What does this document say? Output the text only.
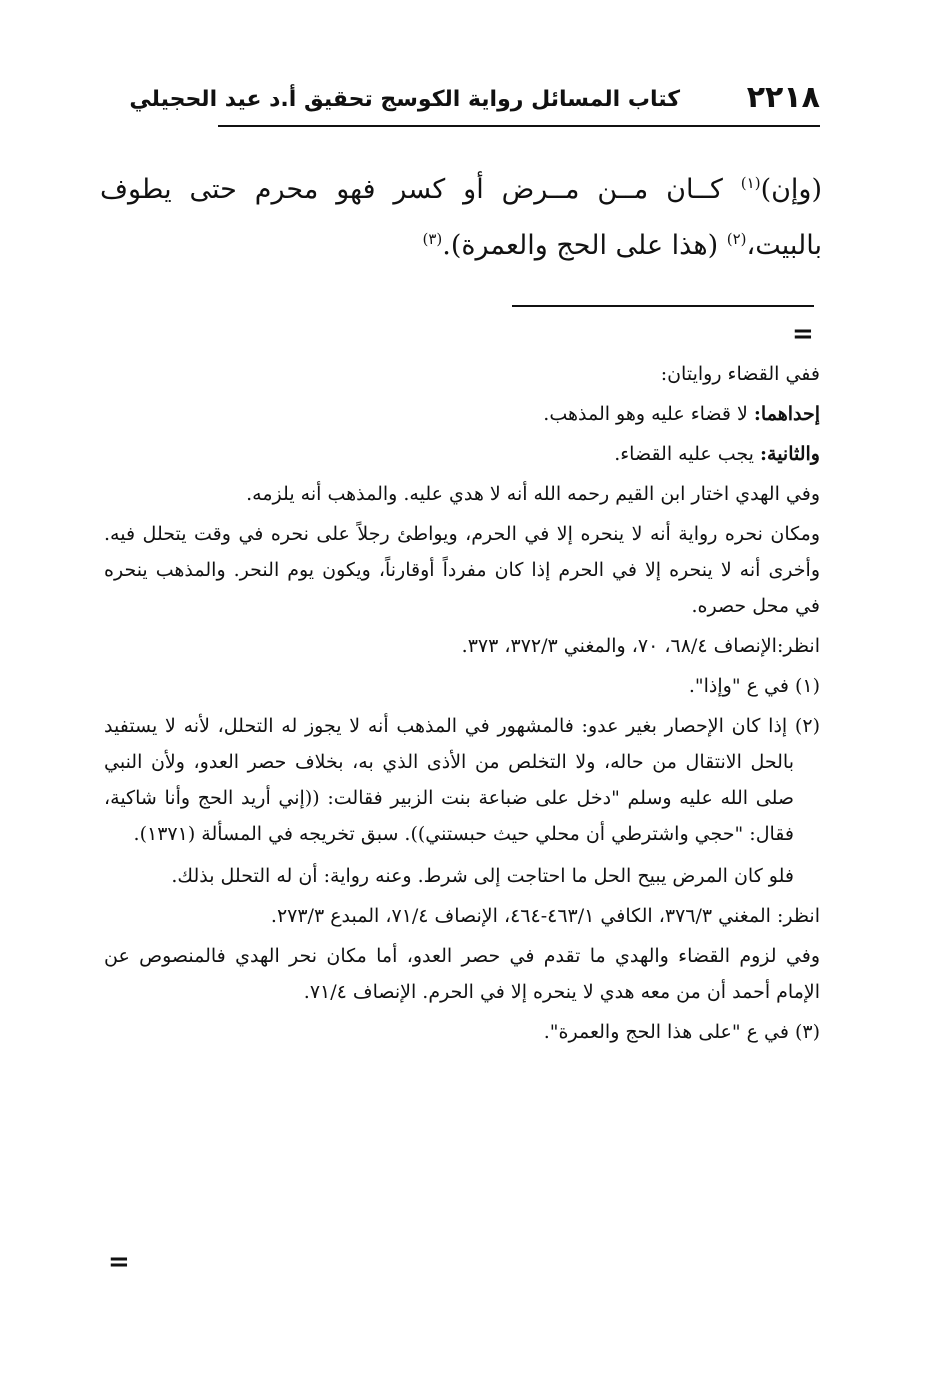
٢٢١٨
كتاب المسائل رواية الكوسج تحقيق أ.د عيد الحجيلي

(وإن)$^{(١)}$ كــان مــن مــرض أو كسر فهو محرم حتى يطوف بالبيت،$^{(٢)}$ (هذا على الحج والعمرة).$^{(٣)}$

=

ففي القضاء روايتان:

إحداهما: لا قضاء عليه وهو المذهب.

والثانية: يجب عليه القضاء.

وفي الهدي اختار ابن القيم رحمه الله أنه لا هدي عليه. والمذهب أنه يلزمه.

ومكان نحره رواية أنه لا ينحره إلا في الحرم، ويواطئ رجلاً على نحره في وقت يتحلل فيه. وأخرى أنه لا ينحره إلا في الحرم إذا كان مفرداً أوقارناً، ويكون يوم النحر. والمذهب ينحره في محل حصره.

انظر:الإنصاف ٦٨/٤، ٧٠، والمغني ٣٧٢/٣، ٣٧٣.

(١) في ع "وإذا".

(٢) إذا كان الإحصار بغير عدو: فالمشهور في المذهب أنه لا يجوز له التحلل، لأنه لا يستفيد بالحل الانتقال من حاله، ولا التخلص من الأذى الذي به، بخلاف حصر العدو، ولأن النبي صلى الله عليه وسلم "دخل على ضباعة بنت الزبير فقالت: ((إني أريد الحج وأنا شاكية، فقال: "حجي واشترطي أن محلي حيث حبستني)). سبق تخريجه في المسألة (١٣٧١).

فلو كان المرض يبيح الحل ما احتاجت إلى شرط. وعنه رواية: أن له التحلل بذلك.

انظر: المغني ٣٧٦/٣، الكافي ٤٦٣/١-٤٦٤، الإنصاف ٧١/٤، المبدع ٢٧٣/٣.

وفي لزوم القضاء والهدي ما تقدم في حصر العدو، أما مكان نحر الهدي فالمنصوص عن الإمام أحمد أن من معه هدي لا ينحره إلا في الحرم. الإنصاف ٧١/٤.

(٣) في ع "على هذا الحج والعمرة".

=
